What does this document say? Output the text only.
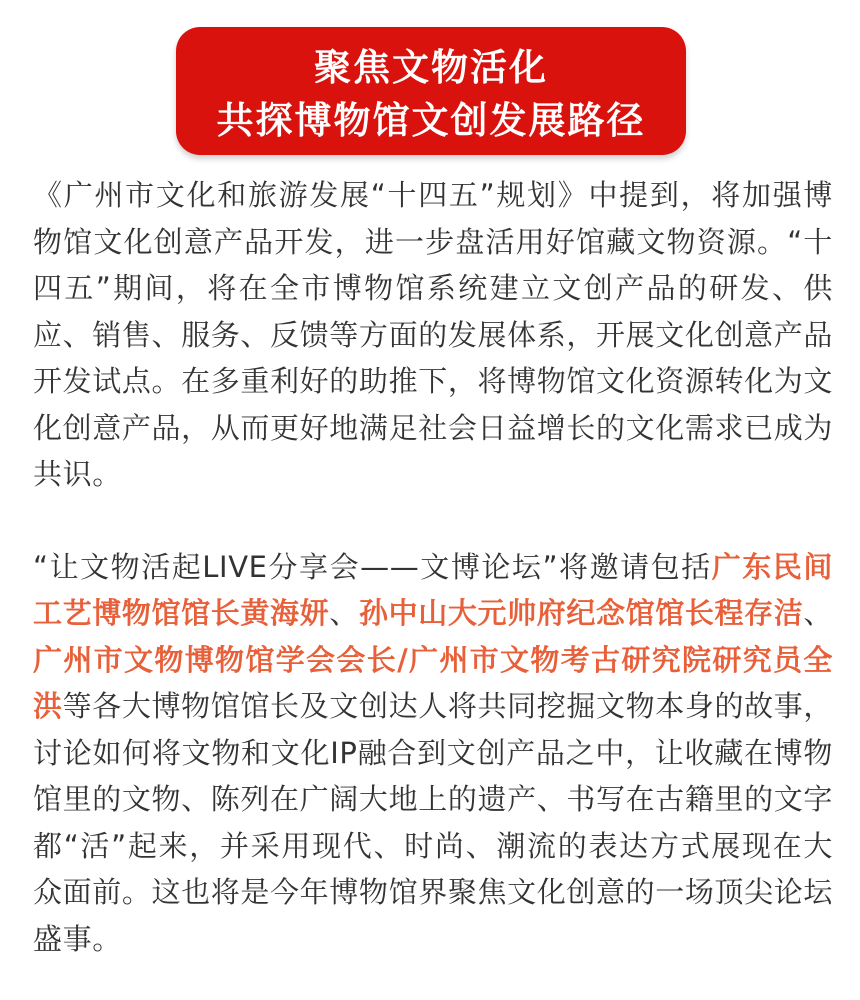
聚焦文物活化
共探博物馆文创发展路径

《广州市文化和旅游发展“十四五”规划》中提到，将加强博物馆文化创意产品开发，进一步盘活用好馆藏文物资源。“十四五”期间，将在全市博物馆系统建立文创产品的研发、供应、销售、服务、反馈等方面的发展体系，开展文化创意产品开发试点。在多重利好的助推下，将博物馆文化资源转化为文化创意产品，从而更好地满足社会日益增长的文化需求已成为共识。

“让文物活起LIVE分享会——文博论坛”将邀请包括广东民间工艺博物馆馆长黄海妍、孙中山大元帅府纪念馆馆长程存洁、广州市文物博物馆学会会长/广州市文物考古研究院研究员全洪等各大博物馆馆长及文创达人将共同挖掘文物本身的故事，讨论如何将文物和文化IP融合到文创产品之中，让收藏在博物馆里的文物、陈列在广阔大地上的遗产、书写在古籍里的文字都“活”起来，并采用现代、时尚、潮流的表达方式展现在大众面前。这也将是今年博物馆界聚焦文化创意的一场顶尖论坛盛事。
